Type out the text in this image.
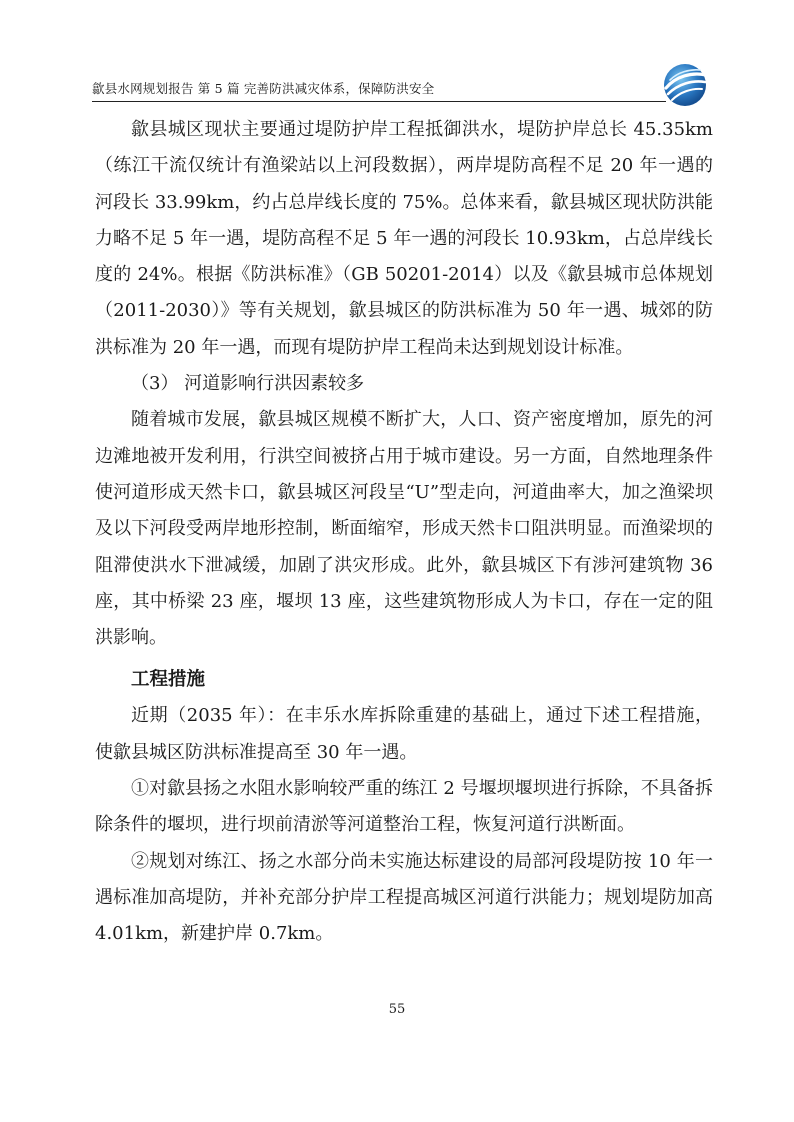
歙县水网规划报告 第 5 篇 完善防洪减灾体系，保障防洪安全

歙县城区现状主要通过堤防护岸工程抵御洪水，堤防护岸总长 45.35km（练江干流仅统计有渔梁站以上河段数据），两岸堤防高程不足 20 年一遇的河段长 33.99km，约占总岸线长度的 75%。总体来看，歙县城区现状防洪能力略不足 5 年一遇，堤防高程不足 5 年一遇的河段长 10.93km，占总岸线长度的 24%。根据《防洪标准》（GB 50201-2014）以及《歙县城市总体规划（2011-2030）》等有关规划，歙县城区的防洪标准为 50 年一遇、城郊的防洪标准为 20 年一遇，而现有堤防护岸工程尚未达到规划设计标准。

（3） 河道影响行洪因素较多

随着城市发展，歙县城区规模不断扩大，人口、资产密度增加，原先的河边滩地被开发利用，行洪空间被挤占用于城市建设。另一方面，自然地理条件使河道形成天然卡口，歙县城区河段呈“U”型走向，河道曲率大，加之渔梁坝及以下河段受两岸地形控制，断面缩窄，形成天然卡口阻洪明显。而渔梁坝的阻滞使洪水下泄减缓，加剧了洪灾形成。此外，歙县城区下有涉河建筑物 36 座，其中桥梁 23 座，堰坝 13 座，这些建筑物形成人为卡口，存在一定的阻洪影响。

工程措施

近期（2035 年）：在丰乐水库拆除重建的基础上，通过下述工程措施，使歙县城区防洪标准提高至 30 年一遇。

①对歙县扬之水阻水影响较严重的练江 2 号堰坝堰坝进行拆除，不具备拆除条件的堰坝，进行坝前清淤等河道整治工程，恢复河道行洪断面。

②规划对练江、扬之水部分尚未实施达标建设的局部河段堤防按 10 年一遇标准加高堤防，并补充部分护岸工程提高城区河道行洪能力；规划堤防加高 4.01km，新建护岸 0.7km。

55
